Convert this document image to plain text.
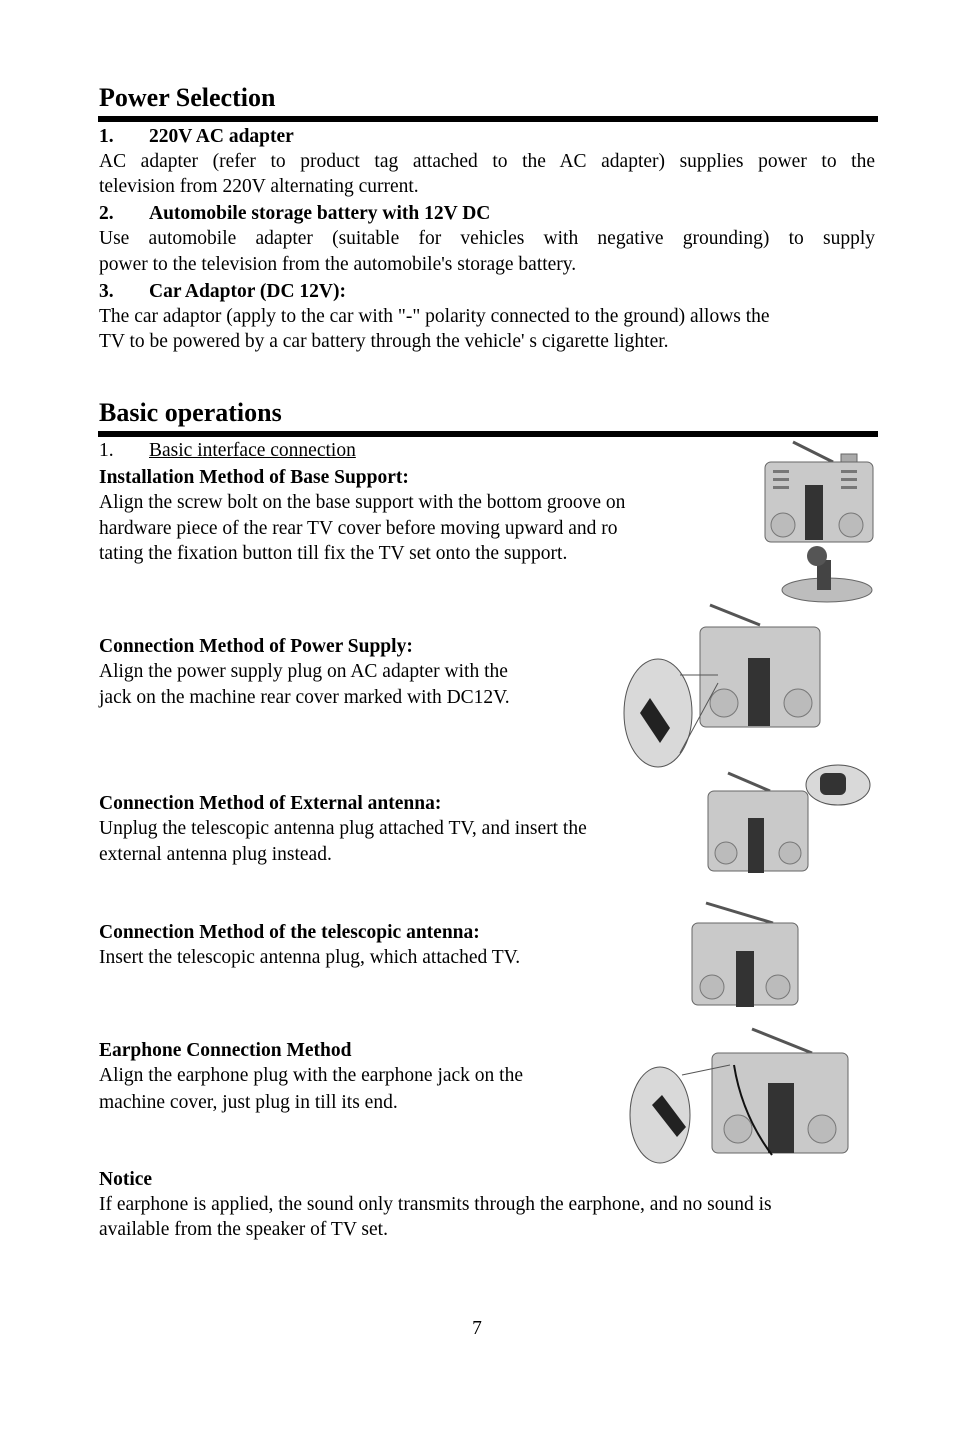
Power Selection
1. 220V AC adapter
AC adapter (refer to product tag attached to the AC adapter) supplies power to the
television from 220V alternating current.
2. Automobile storage battery with 12V DC
Use automobile adapter (suitable for vehicles with negative grounding) to supply
power to the television from the automobile's storage battery.
3. Car Adaptor (DC 12V):
The car adaptor (apply to the car with "-" polarity connected to the ground) allows the
TV to be powered by a car battery through the vehicle' s cigarette lighter.
Basic operations
1. Basic interface connection
Installation Method of Base Support:
Align the screw bolt on the base support with the bottom groove on
hardware piece of the rear TV cover before moving upward and ro
tating the fixation button till fix the TV set onto the support.
Connection Method of Power Supply:
Align the power supply plug on AC adapter with the
jack on the machine rear cover marked with DC12V.
Connection Method of External antenna:
Unplug the telescopic antenna plug attached TV, and insert the
external antenna plug instead.
Connection Method of the telescopic antenna:
Insert the telescopic antenna plug, which attached TV.
Earphone Connection Method
Align the earphone plug with the earphone jack on the
machine cover, just plug in till its end.
Notice
If earphone is applied, the sound only transmits through the earphone, and no sound is
available from the speaker of TV set.
7
